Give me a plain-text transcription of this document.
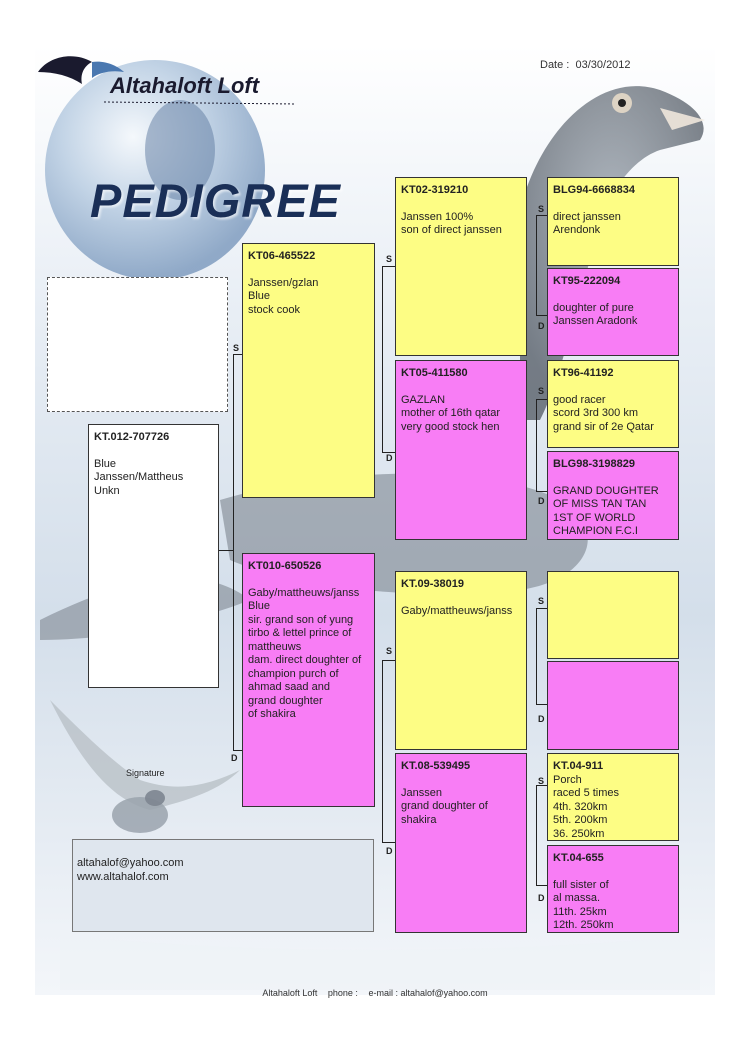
Altahaloft Loft
Date : 03/30/2012
PEDIGREE
S
D
S
D
S
D
S
D
S
D
S
D
S
D
KT.012-707726
Blue
Janssen/Mattheus
Unkn
KT06-465522
Janssen/gzlan
Blue
stock cook
KT010-650526
Gaby/mattheuws/janss
Blue
sir. grand son of yung
tirbo & lettel prince of
mattheuws
dam. direct doughter of
champion purch of
ahmad saad and
grand doughter
of shakira
KT02-319210
Janssen 100%
son of direct janssen
KT05-411580
GAZLAN
mother of 16th qatar
very good stock hen
KT.09-38019
Gaby/mattheuws/janss
KT.08-539495
Janssen
grand doughter of
shakira
BLG94-6668834
direct janssen
Arendonk
KT95-222094
doughter of pure
Janssen Aradonk
KT96-41192
good racer
scord 3rd 300 km
grand sir of 2e Qatar
BLG98-3198829
GRAND DOUGHTER
OF MISS TAN TAN
1ST OF WORLD
CHAMPION F.C.I
KT.04-911
Porch
raced 5 times
4th. 320km
5th. 200km
36. 250km
KT.04-655
full sister of
al massa.
11th. 25km
12th. 250km
Signature
altahalof@yahoo.com
www.altahalof.com
Altahaloft Loft phone : e-mail : altahalof@yahoo.com
